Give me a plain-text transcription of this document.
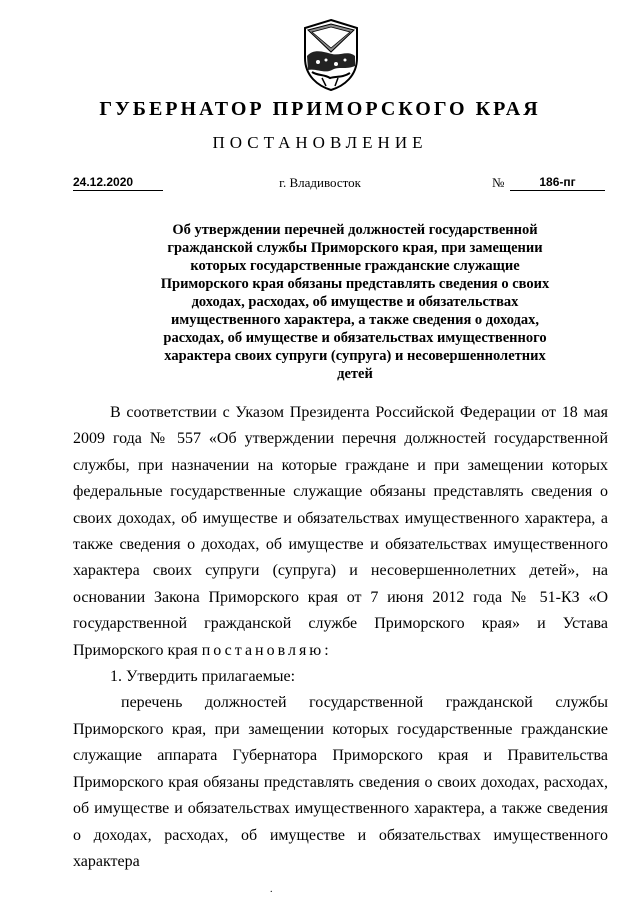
ГУБЕРНАТОР ПРИМОРСКОГО КРАЯ
ПОСТАНОВЛЕНИЕ
24.12.2020	г. Владивосток	№	186-пг
Об утверждении перечней должностей государственной гражданской службы Приморского края, при замещении которых государственные гражданские служащие Приморского края обязаны представлять сведения о своих доходах, расходах, об имуществе и обязательствах имущественного характера, а также сведения о доходах, расходах, об имуществе и обязательствах имущественного характера своих супруги (супруга) и несовершеннолетних детей

В соответствии с Указом Президента Российской Федерации от 18 мая 2009 года № 557 «Об утверждении перечня должностей государственной службы, при назначении на которые граждане и при замещении которых федеральные государственные служащие обязаны представлять сведения о своих доходах, об имуществе и обязательствах имущественного характера, а также сведения о доходах, об имуществе и обязательствах имущественного характера своих супруги (супруга) и несовершеннолетних детей», на основании Закона Приморского края от 7 июня 2012 года № 51-КЗ «О государственной гражданской службе Приморского края» и Устава Приморского края постановляю:

1. Утвердить прилагаемые:

перечень должностей государственной гражданской службы Приморского края, при замещении которых государственные гражданские служащие аппарата Губернатора Приморского края и Правительства Приморского края обязаны представлять сведения о своих доходах, расходах, об имуществе и обязательствах имущественного характера, а также сведения о доходах, расходах, об имуществе и обязательствах имущественного характера

.
